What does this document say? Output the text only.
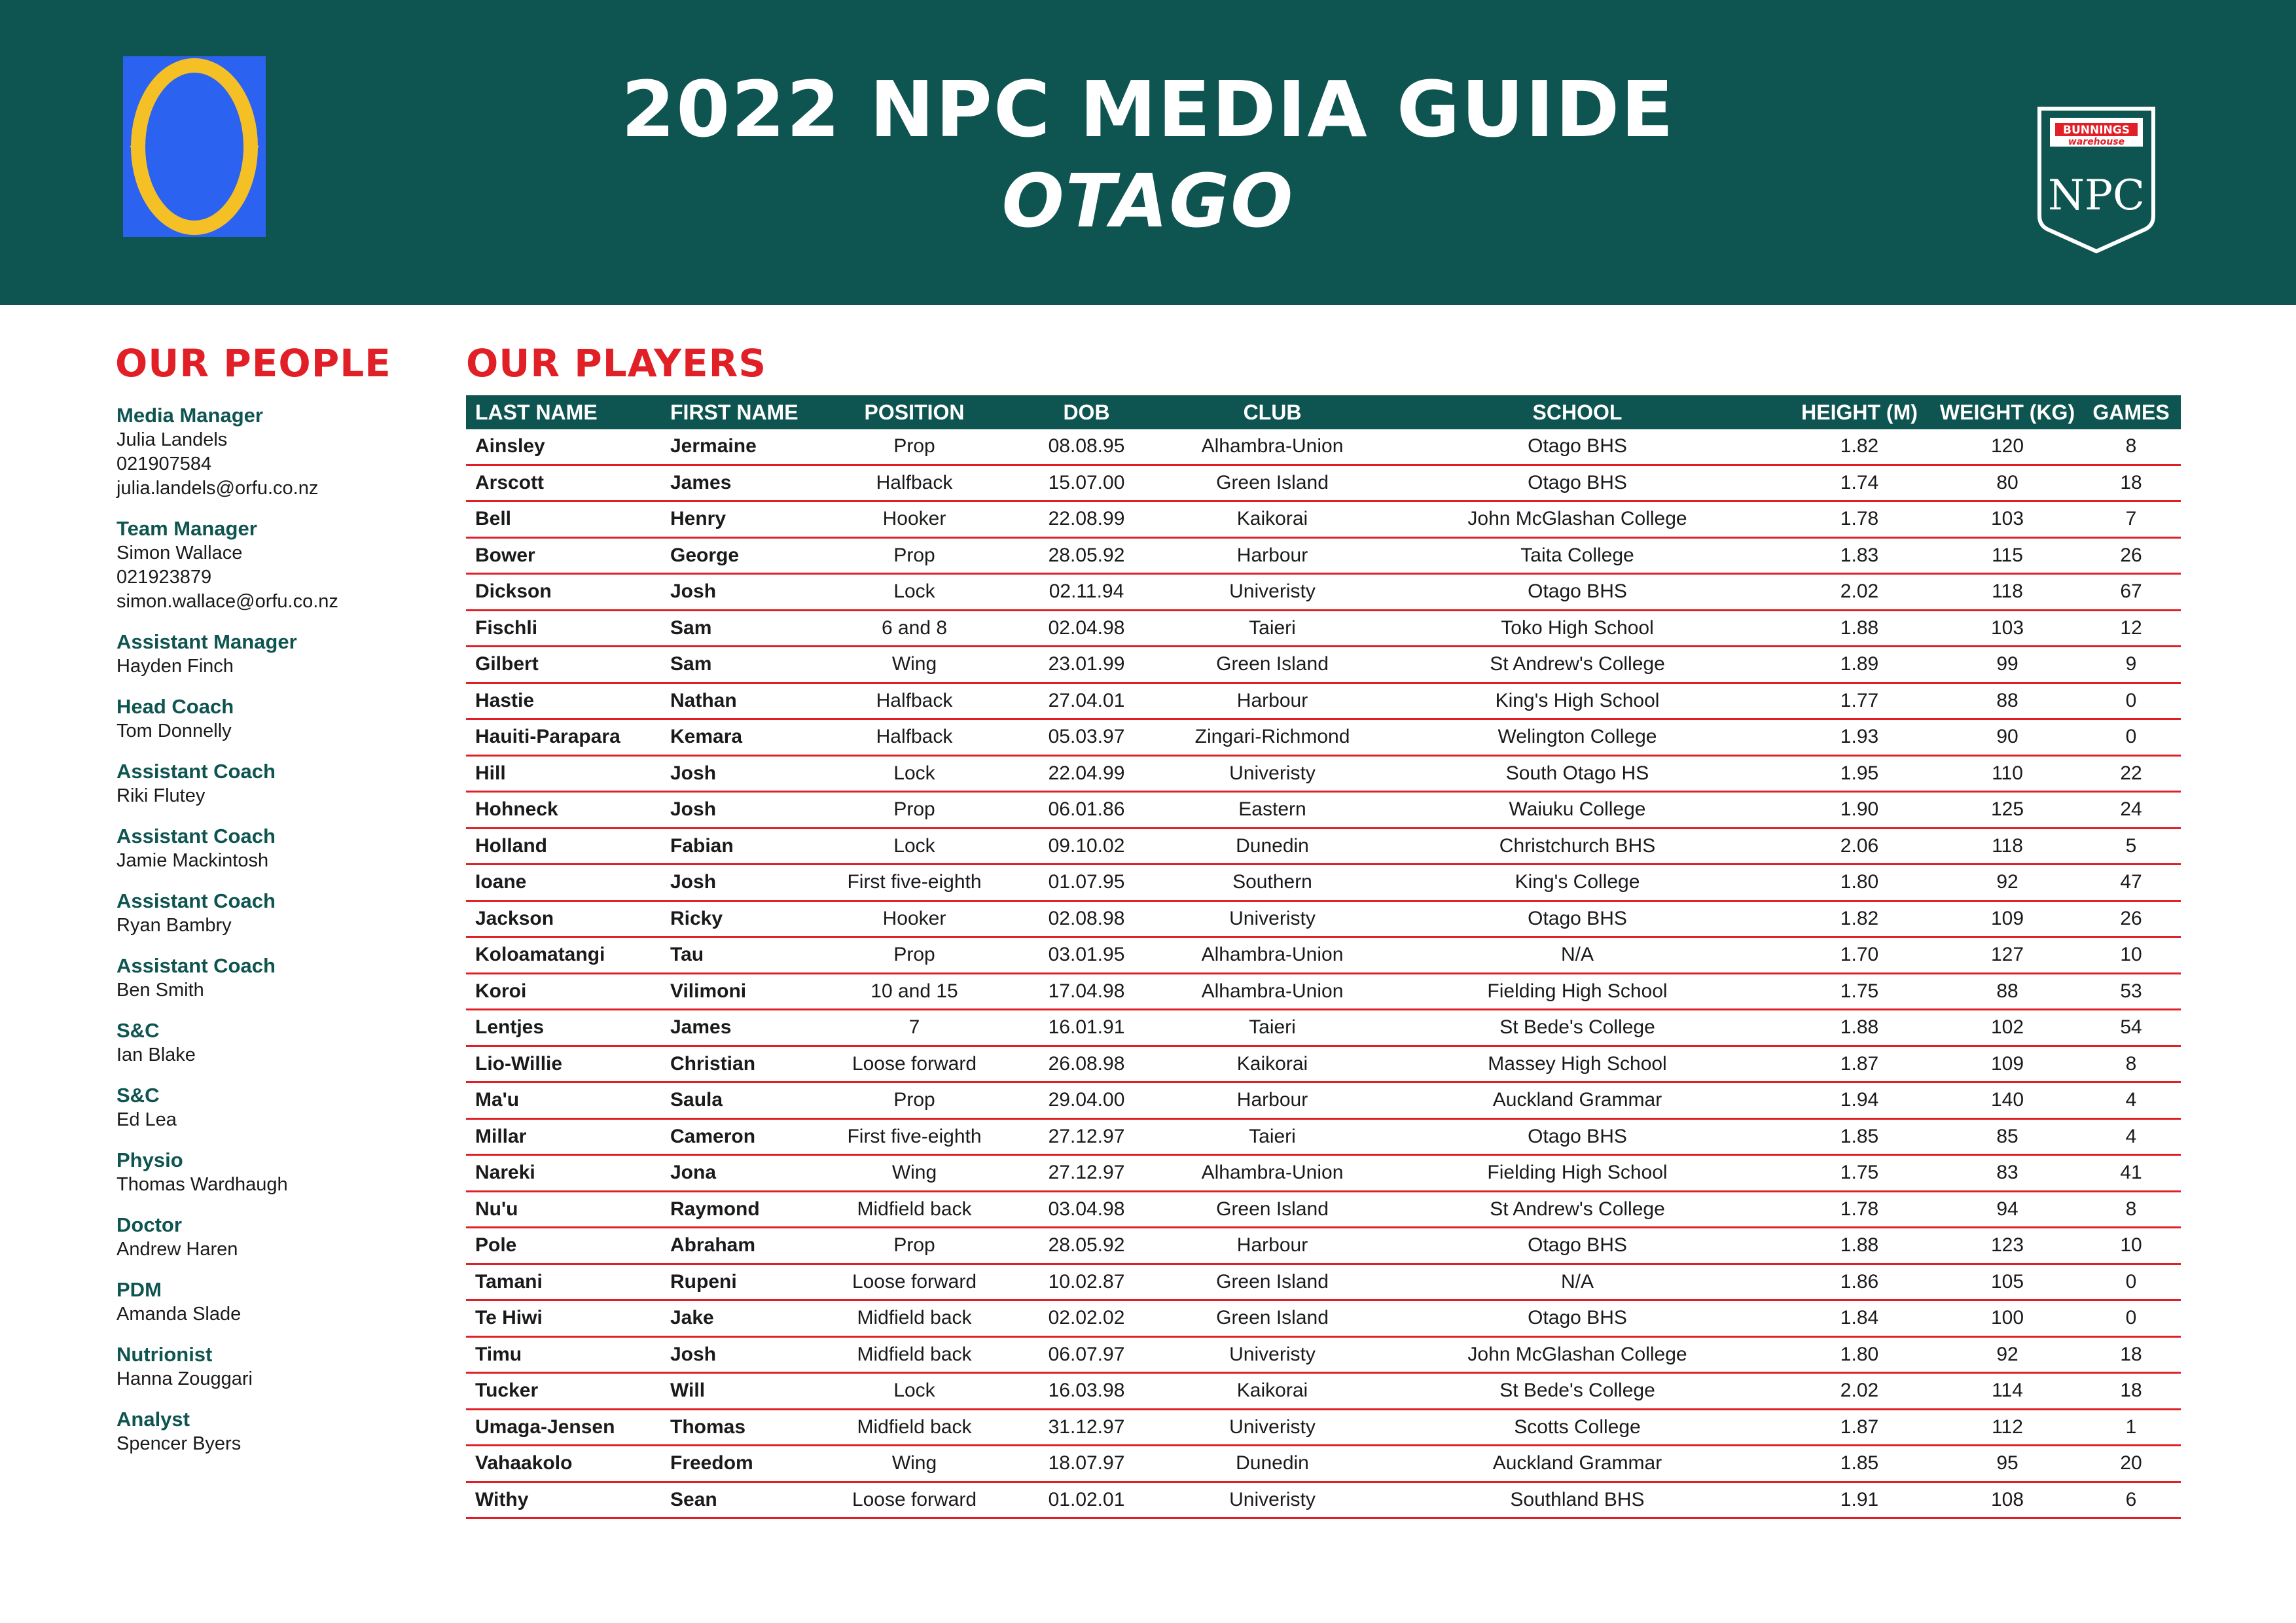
2022 NPC MEDIA GUIDE
OTAGO
BUNNINGS
warehouse
NPC
OUR PEOPLE
Media Manager
Julia Landels
021907584
julia.landels@orfu.co.nz
Team Manager
Simon Wallace
021923879
simon.wallace@orfu.co.nz
Assistant Manager
Hayden Finch
Head Coach
Tom Donnelly
Assistant Coach
Riki Flutey
Assistant Coach
Jamie Mackintosh
Assistant Coach
Ryan Bambry
Assistant Coach
Ben Smith
S&C
Ian Blake
S&C
Ed Lea
Physio
Thomas Wardhaugh
Doctor
Andrew Haren
PDM
Amanda Slade
Nutrionist
Hanna Zouggari
Analyst
Spencer Byers
OUR PLAYERS
LAST NAME	FIRST NAME	POSITION	DOB	CLUB	SCHOOL	HEIGHT (M)	WEIGHT (KG)	GAMES
Ainsley	Jermaine	Prop	08.08.95	Alhambra-Union	Otago BHS	1.82	120	8
Arscott	James	Halfback	15.07.00	Green Island	Otago BHS	1.74	80	18
Bell	Henry	Hooker	22.08.99	Kaikorai	John McGlashan College	1.78	103	7
Bower	George	Prop	28.05.92	Harbour	Taita College	1.83	115	26
Dickson	Josh	Lock	02.11.94	Univeristy	Otago BHS	2.02	118	67
Fischli	Sam	6 and 8	02.04.98	Taieri	Toko High School	1.88	103	12
Gilbert	Sam	Wing	23.01.99	Green Island	St Andrew's College	1.89	99	9
Hastie	Nathan	Halfback	27.04.01	Harbour	King's High School	1.77	88	0
Hauiti-Parapara	Kemara	Halfback	05.03.97	Zingari-Richmond	Welington College	1.93	90	0
Hill	Josh	Lock	22.04.99	Univeristy	South Otago HS	1.95	110	22
Hohneck	Josh	Prop	06.01.86	Eastern	Waiuku College	1.90	125	24
Holland	Fabian	Lock	09.10.02	Dunedin	Christchurch BHS	2.06	118	5
Ioane	Josh	First five-eighth	01.07.95	Southern	King's College	1.80	92	47
Jackson	Ricky	Hooker	02.08.98	Univeristy	Otago BHS	1.82	109	26
Koloamatangi	Tau	Prop	03.01.95	Alhambra-Union	N/A	1.70	127	10
Koroi	Vilimoni	10 and 15	17.04.98	Alhambra-Union	Fielding High School	1.75	88	53
Lentjes	James	7	16.01.91	Taieri	St Bede's College	1.88	102	54
Lio-Willie	Christian	Loose forward	26.08.98	Kaikorai	Massey High School	1.87	109	8
Ma'u	Saula	Prop	29.04.00	Harbour	Auckland Grammar	1.94	140	4
Millar	Cameron	First five-eighth	27.12.97	Taieri	Otago BHS	1.85	85	4
Nareki	Jona	Wing	27.12.97	Alhambra-Union	Fielding High School	1.75	83	41
Nu'u	Raymond	Midfield back	03.04.98	Green Island	St Andrew's College	1.78	94	8
Pole	Abraham	Prop	28.05.92	Harbour	Otago BHS	1.88	123	10
Tamani	Rupeni	Loose forward	10.02.87	Green Island	N/A	1.86	105	0
Te Hiwi	Jake	Midfield back	02.02.02	Green Island	Otago BHS	1.84	100	0
Timu	Josh	Midfield back	06.07.97	Univeristy	John McGlashan College	1.80	92	18
Tucker	Will	Lock	16.03.98	Kaikorai	St Bede's College	2.02	114	18
Umaga-Jensen	Thomas	Midfield back	31.12.97	Univeristy	Scotts College	1.87	112	1
Vahaakolo	Freedom	Wing	18.07.97	Dunedin	Auckland Grammar	1.85	95	20
Withy	Sean	Loose forward	01.02.01	Univeristy	Southland BHS	1.91	108	6
